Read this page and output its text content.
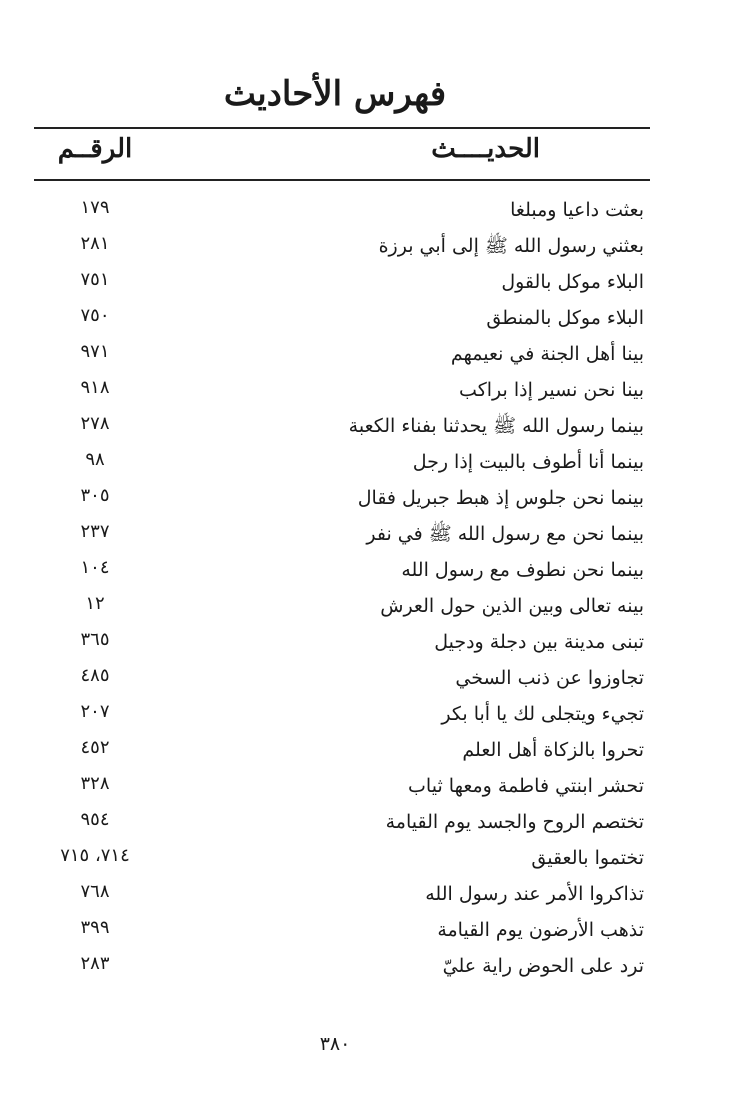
فهرس الأحاديث
الحديــــث
الرقــم
بعثت داعيا ومبلغا
١٧٩
بعثني رسول الله ﷺ إلى أبي برزة
٢٨١
البلاء موكل بالقول
٧٥١
البلاء موكل بالمنطق
٧٥٠
بينا أهل الجنة في نعيمهم
٩٧١
بينا نحن نسير إذا براكب
٩١٨
بينما رسول الله ﷺ يحدثنا بفناء الكعبة
٢٧٨
بينما أنا أطوف بالبيت إذا رجل
٩٨
بينما نحن جلوس إذ هبط جبريل فقال
٣٠٥
بينما نحن مع رسول الله ﷺ في نفر
٢٣٧
بينما نحن نطوف مع رسول الله
١٠٤
بينه تعالى وبين الذين حول العرش
١٢
تبنى مدينة بين دجلة ودجيل
٣٦٥
تجاوزوا عن ذنب السخي
٤٨٥
تجيء ويتجلى لك يا أبا بكر
٢٠٧
تحروا بالزكاة أهل العلم
٤٥٢
تحشر ابنتي فاطمة ومعها ثياب
٣٢٨
تختصم الروح والجسد يوم القيامة
٩٥٤
تختموا بالعقيق
٧١٤، ٧١٥
تذاكروا الأمر عند رسول الله
٧٦٨
تذهب الأرضون يوم القيامة
٣٩٩
ترد على الحوض راية عليّ
٢٨٣
٣٨٠
